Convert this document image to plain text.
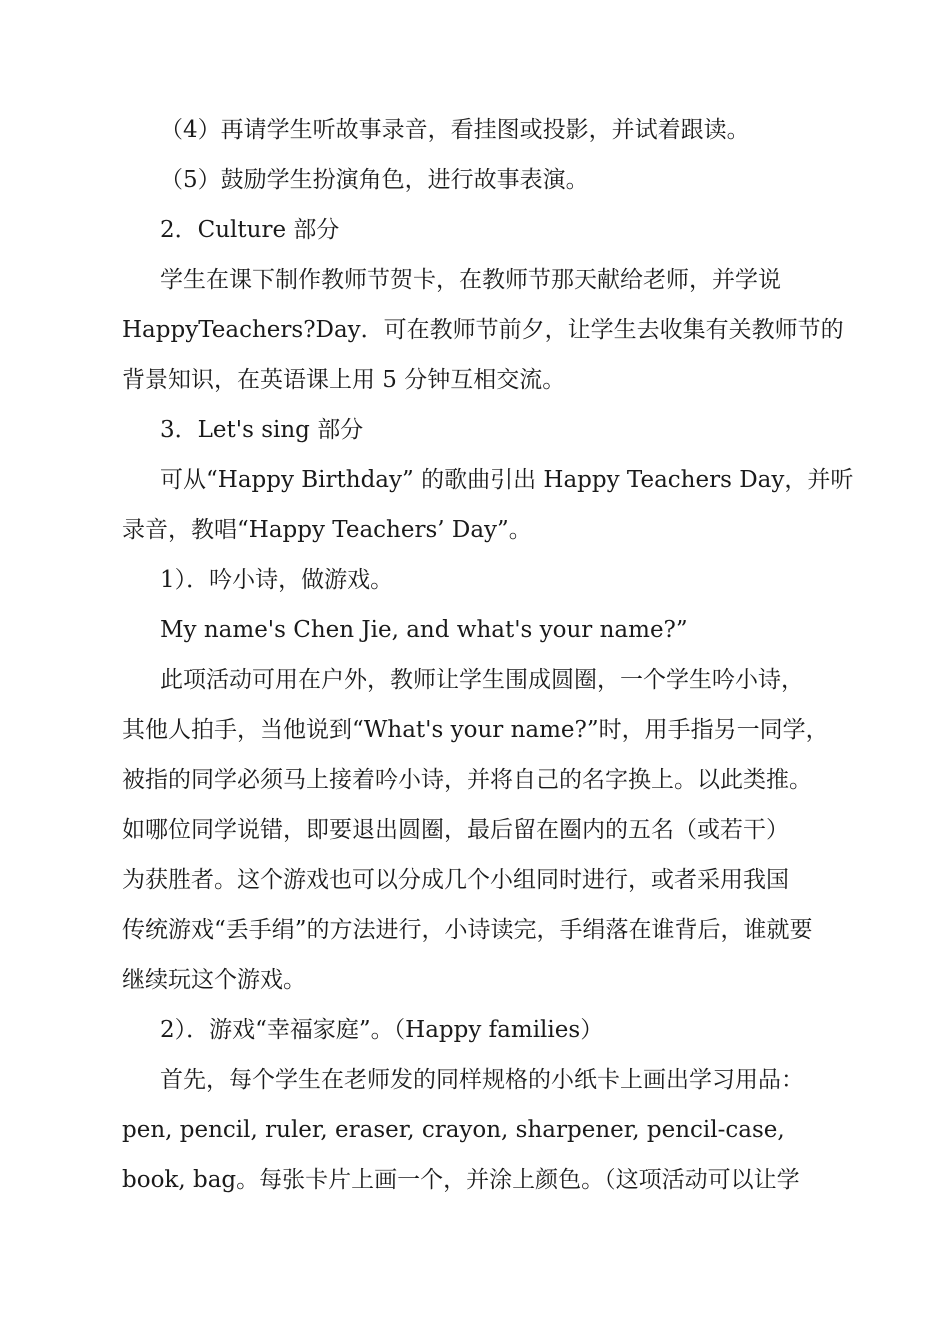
（4）再请学生听故事录音，看挂图或投影，并试着跟读。
（5）鼓励学生扮演角色，进行故事表演。
2．Culture 部分
学生在课下制作教师节贺卡，在教师节那天献给老师，并学说
HappyTeachers?Day．可在教师节前夕，让学生去收集有关教师节的
背景知识，在英语课上用 5 分钟互相交流。
3．Let's sing 部分
可从“Happy Birthday” 的歌曲引出 Happy Teachers Day，并听
录音，教唱“Happy Teachers’ Day”。
1）．吟小诗，做游戏。
My name's Chen Jie, and what's your name?”
此项活动可用在户外，教师让学生围成圆圈，一个学生吟小诗，
其他人拍手，当他说到“What's your name?”时，用手指另一同学，
被指的同学必须马上接着吟小诗，并将自己的名字换上。以此类推。
如哪位同学说错，即要退出圆圈，最后留在圈内的五名（或若干）
为获胜者。这个游戏也可以分成几个小组同时进行，或者采用我国
传统游戏“丢手绢”的方法进行，小诗读完，手绢落在谁背后，谁就要
继续玩这个游戏。
2）．游戏“幸福家庭”。（Happy families）
首先，每个学生在老师发的同样规格的小纸卡上画出学习用品：
pen, pencil, ruler, eraser, crayon, sharpener, pencil-case,
book, bag。每张卡片上画一个，并涂上颜色。（这项活动可以让学
